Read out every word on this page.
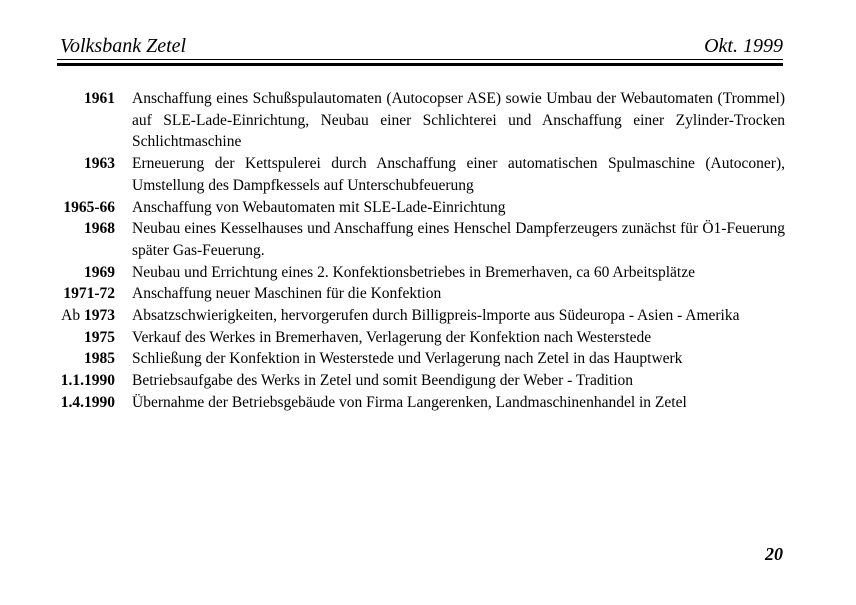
Volksbank Zetel	Okt. 1999
1961 Anschaffung eines Schußspulautomaten (Autocopser ASE) sowie Umbau der Webautomaten (Trommel) auf SLE-Lade-Einrichtung, Neubau einer Schlichterei und Anschaffung einer Zylinder-Trocken Schlichtmaschine
1963 Erneuerung der Kettspulerei durch Anschaffung einer automatischen Spulmaschine (Autoconer), Umstellung des Dampfkessels auf Unterschubfeuerung
1965-66 Anschaffung von Webautomaten mit SLE-Lade-Einrichtung
1968 Neubau eines Kesselhauses und Anschaffung eines Henschel Dampferzeugers zunächst für Ö1-Feuerung später Gas-Feuerung.
1969 Neubau und Errichtung eines 2. Konfektionsbetriebes in Bremerhaven, ca 60 Arbeitsplätze
1971-72 Anschaffung neuer Maschinen für die Konfektion
Ab 1973 Absatzschwierigkeiten, hervorgerufen durch Billigpreis-lmporte aus Südeuropa - Asien - Amerika
1975 Verkauf des Werkes in Bremerhaven, Verlagerung der Konfektion nach Westerstede
1985 Schließung der Konfektion in Westerstede und Verlagerung nach Zetel in das Hauptwerk
1.1.1990 Betriebsaufgabe des Werks in Zetel und somit Beendigung der Weber - Tradition
1.4.1990 Übernahme der Betriebsgebäude von Firma Langerenken, Landmaschinenhandel in Zetel
20
